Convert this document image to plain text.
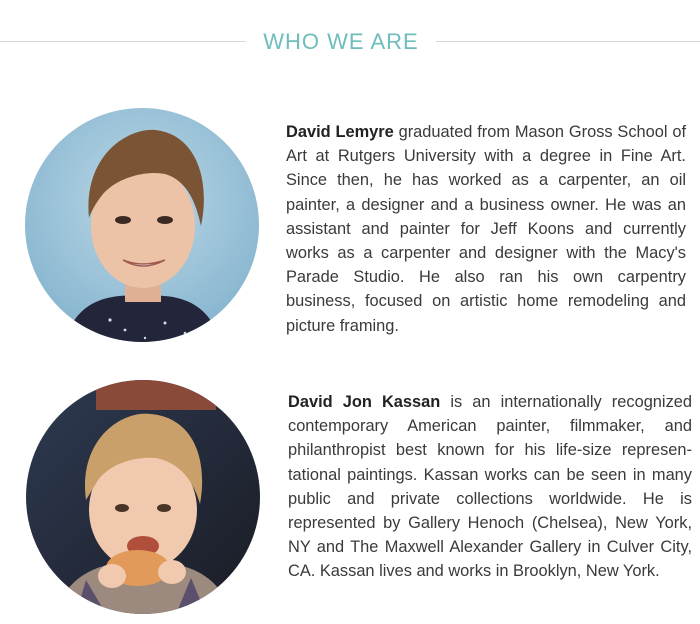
WHO WE ARE
David Lemyre graduated from Mason Gross School of Art at Rutgers University with a degree in Fine Art. Since then, he has worked as a carpenter, an oil painter, a designer and a business owner. He was an assistant and painter for Jeff Koons and currently works as a carpenter and designer with the Macy's Parade Studio. He also ran his own carpentry business, focused on artistic home remodeling and picture framing.
David Jon Kassan is an internationally recognized contemporary American painter, filmmaker, and philanthropist best known for his life-size representational paintings. Kassan works can be seen in many public and private collections worldwide. He is represented by Gallery Henoch (Chelsea), New York, NY and The Maxwell Alexander Gallery in Culver City, CA. Kassan lives and works in Brooklyn, New York.
